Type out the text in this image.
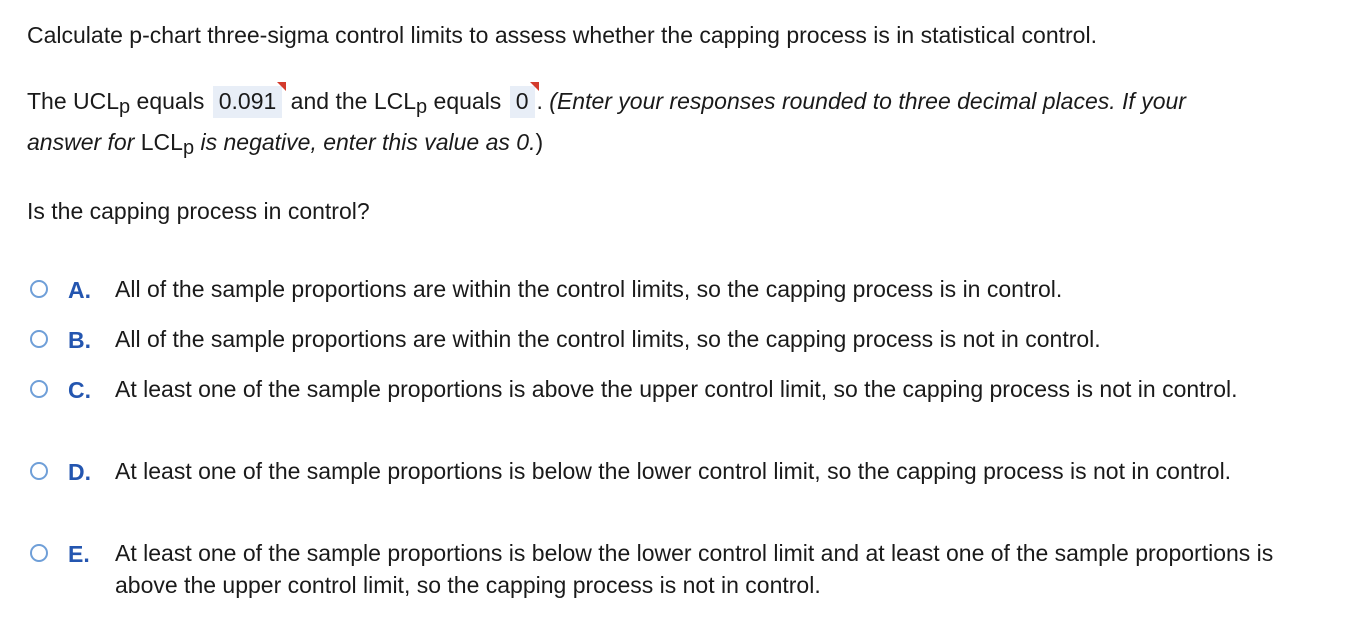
Calculate p-chart three-sigma control limits to assess whether the capping process is in statistical control.
The $UCL_p$ equals 0.091
and the $LCL_p$ equals 0 . (Enter your responses rounded to three decimal places. If your
answer for $LCL_p$ is negative, enter this value as 0.)
Is the capping process in control?
A. All of the sample proportions are within the control limits, so the capping process is in control.
B. All of the sample proportions are within the control limits, so the capping process is not in control.
C. At least one of the sample proportions is above the upper control limit, so the capping process is not in control.
D. At least one of the sample proportions is below the lower control limit, so the capping process is not in control.
E. At least one of the sample proportions is below the lower control limit and at least one of the sample proportions is above the upper control limit, so the capping process is not in control.
